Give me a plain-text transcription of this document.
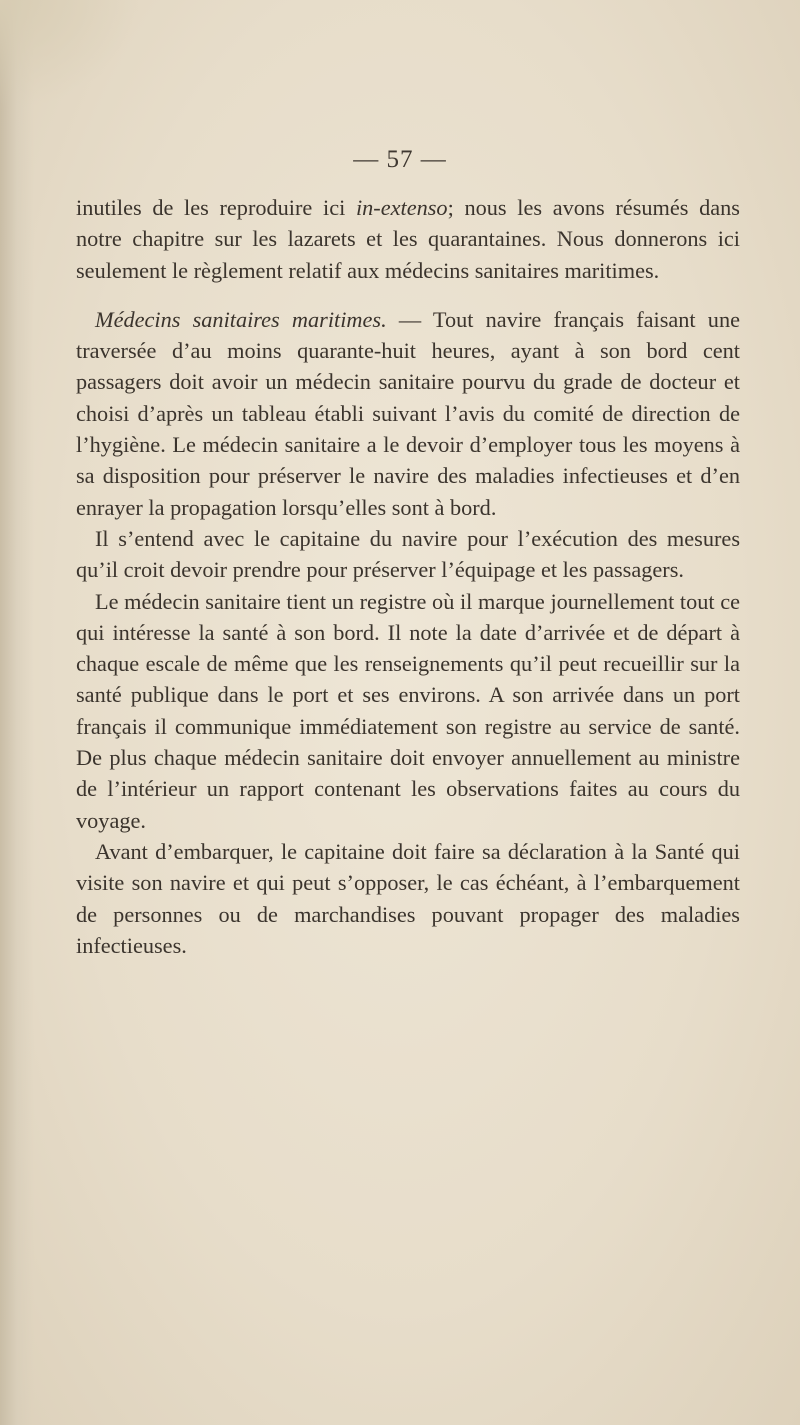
— 57 —

inutiles de les reproduire ici in-extenso; nous les avons résumés dans notre chapitre sur les lazarets et les quarantaines. Nous donnerons ici seulement le règlement relatif aux médecins sanitaires maritimes.

Médecins sanitaires maritimes. — Tout navire français faisant une traversée d’au moins quarante-huit heures, ayant à son bord cent passagers doit avoir un médecin sanitaire pourvu du grade de docteur et choisi d’après un tableau établi suivant l’avis du comité de direction de l’hygiène. Le médecin sanitaire a le devoir d’employer tous les moyens à sa disposition pour préserver le navire des maladies infectieuses et d’en enrayer la propagation lorsqu’elles sont à bord.

Il s’entend avec le capitaine du navire pour l’exécution des mesures qu’il croit devoir prendre pour préserver l’équipage et les passagers.

Le médecin sanitaire tient un registre où il marque journellement tout ce qui intéresse la santé à son bord. Il note la date d’arrivée et de départ à chaque escale de même que les renseignements qu’il peut recueillir sur la santé publique dans le port et ses environs. A son arrivée dans un port français il communique immédiatement son registre au service de santé. De plus chaque médecin sanitaire doit envoyer annuellement au ministre de l’intérieur un rapport contenant les observations faites au cours du voyage.

Avant d’embarquer, le capitaine doit faire sa déclaration à la Santé qui visite son navire et qui peut s’opposer, le cas échéant, à l’embarquement de personnes ou de marchandises pouvant propager des maladies infectieuses.
